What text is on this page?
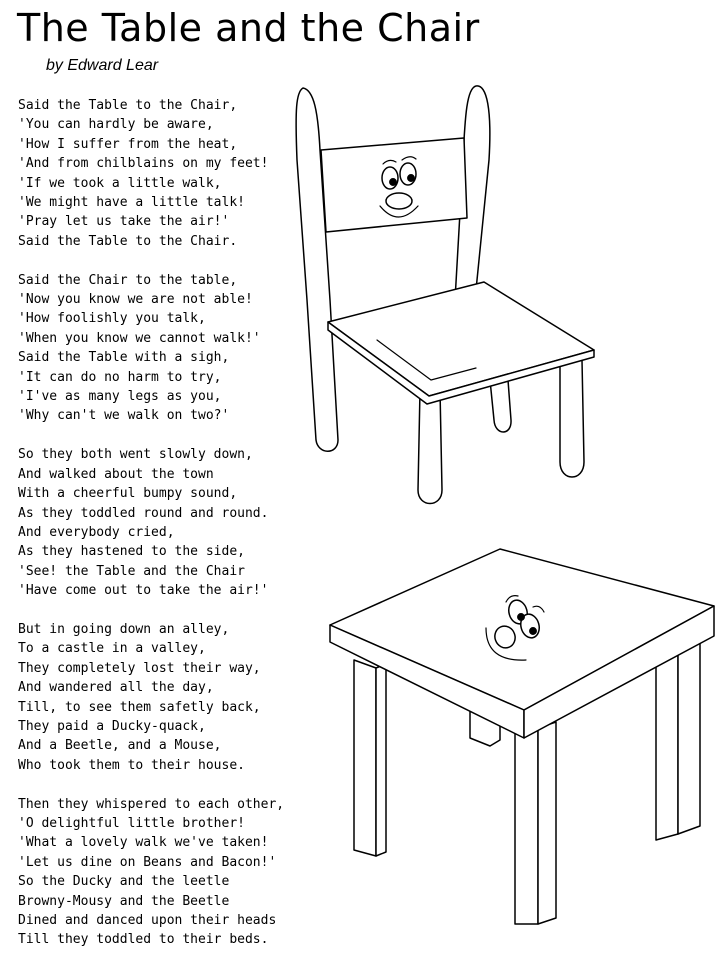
The Table and the Chair
by Edward Lear
Said the Table to the Chair,
'You can hardly be aware,
'How I suffer from the heat,
'And from chilblains on my feet!
'If we took a little walk,
'We might have a little talk!
'Pray let us take the air!'
Said the Table to the Chair.
Said the Chair to the table,
'Now you know we are not able!
'How foolishly you talk,
'When you know we cannot walk!'
Said the Table with a sigh,
'It can do no harm to try,
'I've as many legs as you,
'Why can't we walk on two?'
So they both went slowly down,
And walked about the town
With a cheerful bumpy sound,
As they toddled round and round.
And everybody cried,
As they hastened to the side,
'See! the Table and the Chair
'Have come out to take the air!'
But in going down an alley,
To a castle in a valley,
They completely lost their way,
And wandered all the day,
Till, to see them safetly back,
They paid a Ducky-quack,
And a Beetle, and a Mouse,
Who took them to their house.
Then they whispered to each other,
'O delightful little brother!
'What a lovely walk we've taken!
'Let us dine on Beans and Bacon!'
So the Ducky and the leetle
Browny-Mousy and the Beetle
Dined and danced upon their heads
Till they toddled to their beds.
